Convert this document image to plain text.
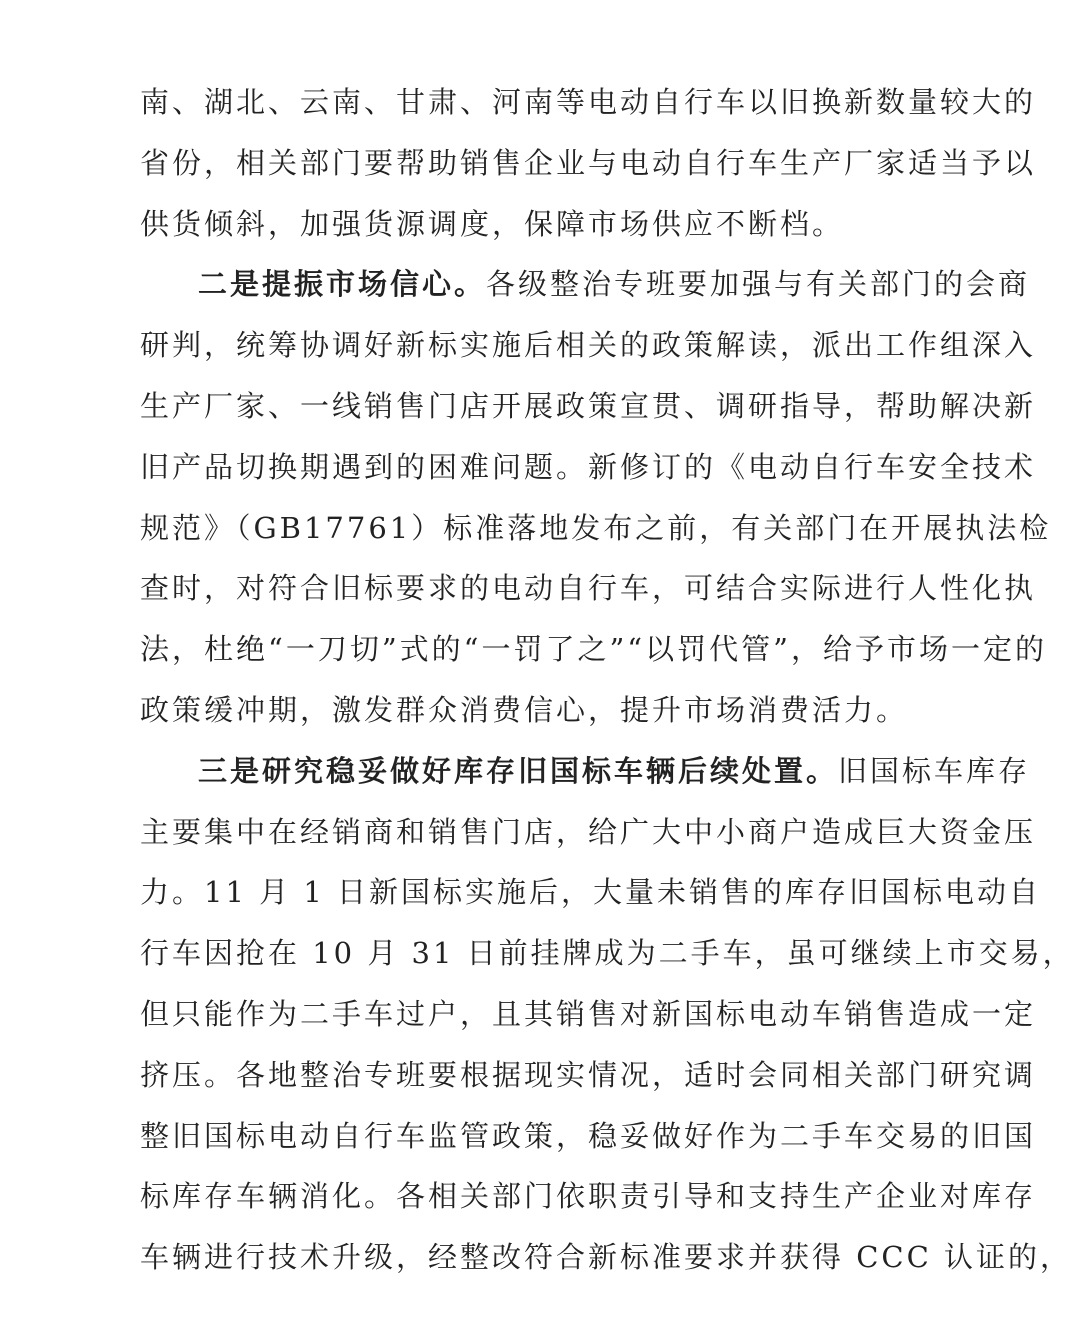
南、湖北、云南、甘肃、河南等电动自行车以旧换新数量较大的
省份，相关部门要帮助销售企业与电动自行车生产厂家适当予以
供货倾斜，加强货源调度，保障市场供应不断档。
二是提振市场信心。各级整治专班要加强与有关部门的会商
研判，统筹协调好新标实施后相关的政策解读，派出工作组深入
生产厂家、一线销售门店开展政策宣贯、调研指导，帮助解决新
旧产品切换期遇到的困难问题。新修订的《电动自行车安全技术
规范》（GB17761）标准落地发布之前，有关部门在开展执法检
查时，对符合旧标要求的电动自行车，可结合实际进行人性化执
法，杜绝“一刀切”式的“一罚了之”“以罚代管”，给予市场一定的
政策缓冲期，激发群众消费信心，提升市场消费活力。
三是研究稳妥做好库存旧国标车辆后续处置。旧国标车库存
主要集中在经销商和销售门店，给广大中小商户造成巨大资金压
力。11 月 1 日新国标实施后，大量未销售的库存旧国标电动自
行车因抢在 10 月 31 日前挂牌成为二手车，虽可继续上市交易，
但只能作为二手车过户，且其销售对新国标电动车销售造成一定
挤压。各地整治专班要根据现实情况，适时会同相关部门研究调
整旧国标电动自行车监管政策，稳妥做好作为二手车交易的旧国
标库存车辆消化。各相关部门依职责引导和支持生产企业对库存
车辆进行技术升级，经整改符合新标准要求并获得 CCC 认证的，
